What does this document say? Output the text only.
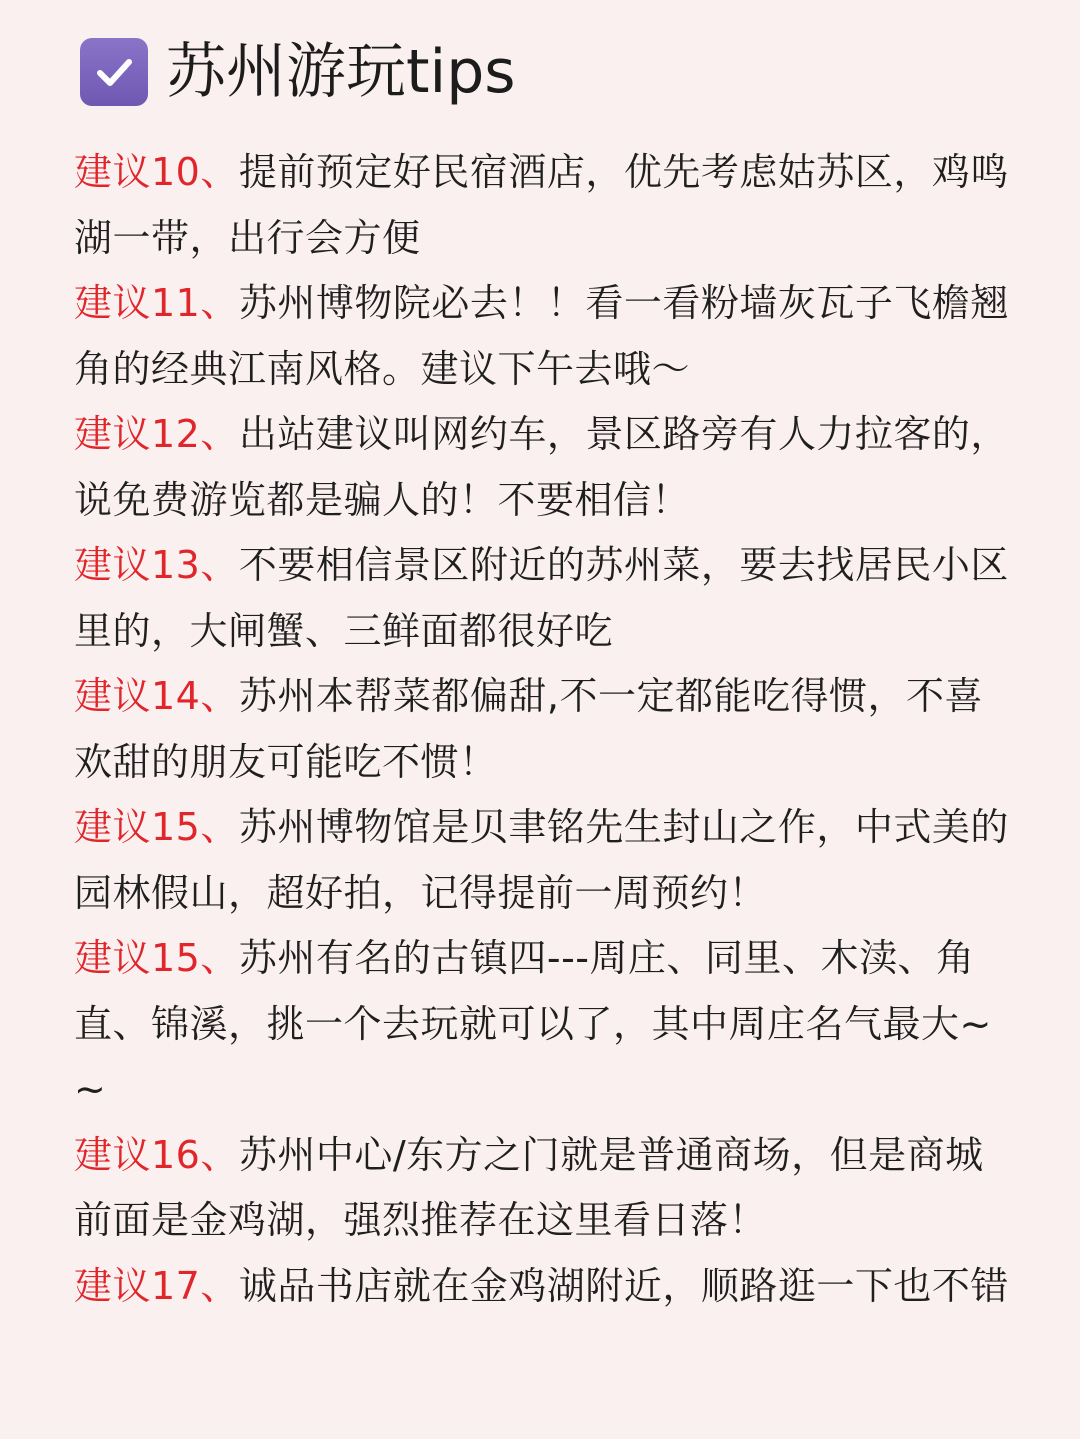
苏州游玩tips
建议10、提前预定好民宿酒店，优先考虑姑苏区，鸡鸣湖一带，出行会方便
建议11、苏州博物院必去！！看一看粉墙灰瓦子飞檐翘角的经典江南风格。建议下午去哦～
建议12、出站建议叫网约车，景区路旁有人力拉客的，说免费游览都是骗人的！不要相信！
建议13、不要相信景区附近的苏州菜，要去找居民小区里的，大闸蟹、三鲜面都很好吃
建议14、苏州本帮菜都偏甜,不一定都能吃得惯，不喜欢甜的朋友可能吃不惯！
建议15、苏州博物馆是贝聿铭先生封山之作，中式美的园林假山，超好拍，记得提前一周预约！
建议15、苏州有名的古镇四---周庄、同里、木渎、角直、锦溪，挑一个去玩就可以了，其中周庄名气最大~~
建议16、苏州中心/东方之门就是普通商场，但是商城前面是金鸡湖，强烈推荐在这里看日落！
建议17、诚品书店就在金鸡湖附近，顺路逛一下也不错
